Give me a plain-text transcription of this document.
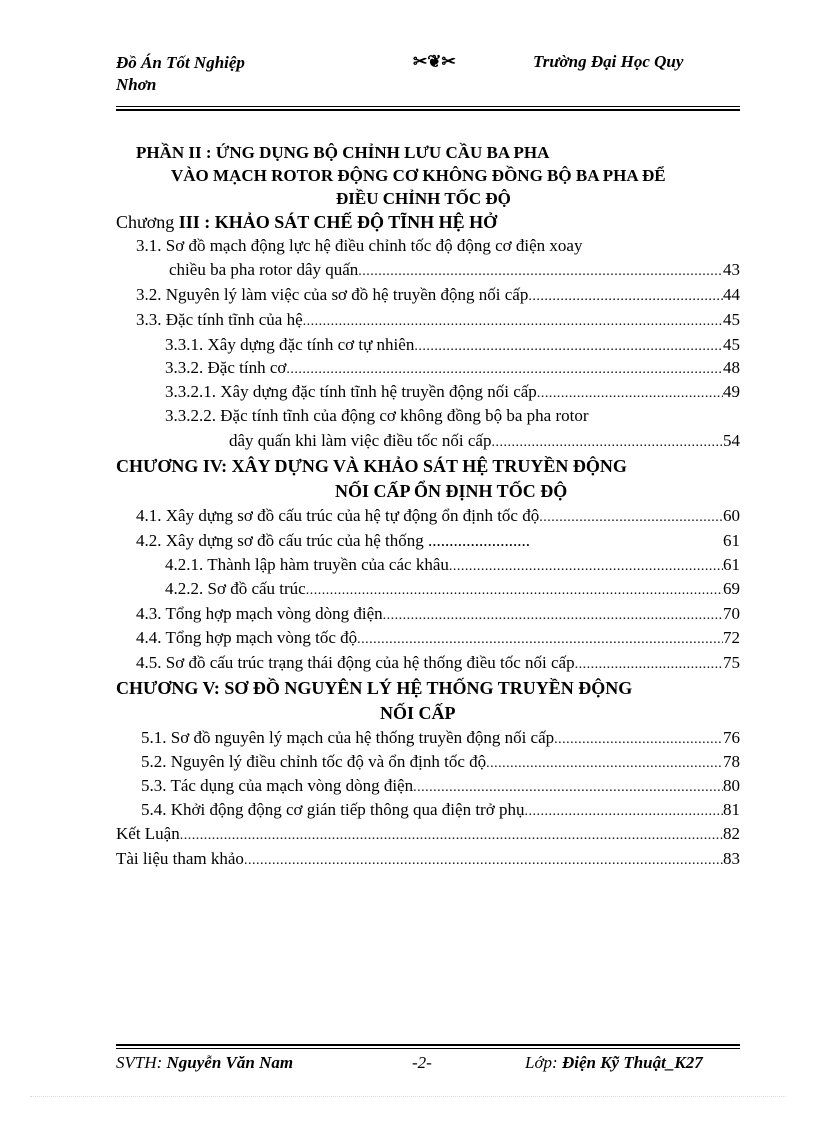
Đồ Án Tốt Nghiệp
Nhơn
✂❦✂	Trường Đại Học Quy
PHẦN II : ỨNG DỤNG BỘ CHỈNH LƯU CẦU BA PHA
VÀO MẠCH ROTOR ĐỘNG CƠ KHÔNG ĐỒNG BỘ BA PHA ĐỂ
ĐIỀU CHỈNH TỐC ĐỘ
Chương III : KHẢO SÁT CHẾ ĐỘ TĨNH HỆ HỞ
3.1. Sơ đồ mạch động lực hệ điều chỉnh tốc độ động cơ điện xoay
chiều ba pha rotor dây quấn .....	43
3.2. Nguyên lý làm việc của sơ đồ hệ truyền động nối cấp .....	44
3.3. Đặc tính tĩnh của hệ .....	45
3.3.1. Xây dựng đặc tính cơ tự nhiên .....	45
3.3.2. Đặc tính cơ .....	48
3.3.2.1. Xây dựng đặc tính tĩnh hệ truyền động nối cấp .....	49
3.3.2.2. Đặc tính tĩnh của động cơ không đồng bộ ba pha rotor
dây quấn khi làm việc điều tốc nối cấp .....	54
CHƯƠNG IV: XÂY DỰNG VÀ KHẢO SÁT HỆ TRUYỀN ĐỘNG
NỐI CẤP ỔN ĐỊNH TỐC ĐỘ
4.1. Xây dựng sơ đồ cấu trúc của hệ tự động ổn định tốc độ .....	60
4.2. Xây dựng sơ đồ cấu trúc của hệ thống ........................	61
4.2.1. Thành lập hàm truyền của các khâu .....	61
4.2.2. Sơ đồ cấu trúc .....	69
4.3. Tổng hợp mạch vòng dòng điện .....	70
4.4. Tổng hợp mạch vòng tốc độ .....	72
4.5. Sơ đồ cấu trúc trạng thái động của hệ thống điều tốc nối cấp .....	75
CHƯƠNG V: SƠ ĐỒ NGUYÊN LÝ HỆ THỐNG TRUYỀN ĐỘNG
NỐI CẤP
5.1. Sơ đồ nguyên lý mạch của hệ thống truyền động nối cấp .....	76
5.2. Nguyên lý điều chỉnh tốc độ và ổn định tốc độ .....	78
5.3. Tác dụng của mạch vòng dòng điện .....	80
5.4. Khởi động động cơ gián tiếp thông qua điện trở phụ .....	81
Kết Luận .....	82
Tài liệu tham khảo .....	83
SVTH: Nguyễn Văn Nam	-2-	Lớp: Điện Kỹ Thuật_K27
